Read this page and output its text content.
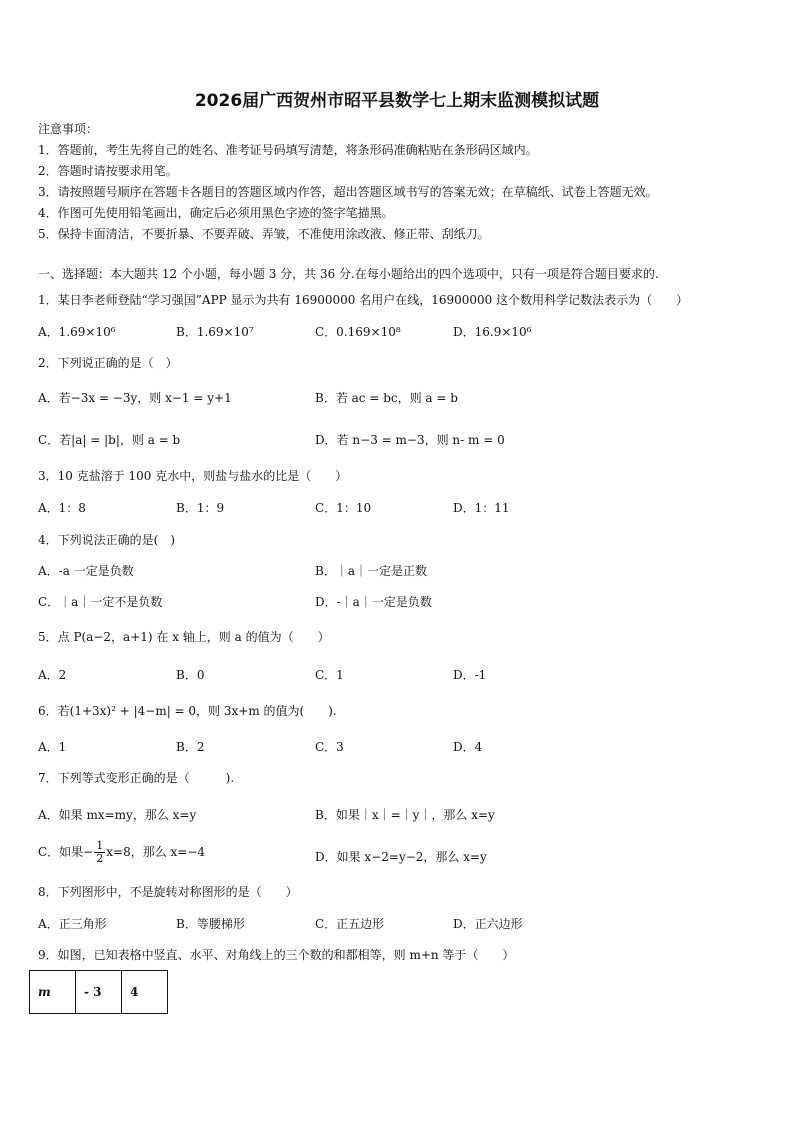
2026届广西贺州市昭平县数学七上期末监测模拟试题
注意事项：
1．答题前，考生先将自己的姓名、准考证号码填写清楚，将条形码准确粘贴在条形码区域内。
2．答题时请按要求用笔。
3．请按照题号顺序在答题卡各题目的答题区域内作答，超出答题区域书写的答案无效；在草稿纸、试卷上答题无效。
4．作图可先使用铅笔画出，确定后必须用黑色字迹的签字笔描黑。
5．保持卡面清洁，不要折暴、不要弄破、弄皱，不准使用涂改液、修正带、刮纸刀。
一、选择题：本大题共 12 个小题，每小题 3 分，共 36 分.在每小题给出的四个选项中，只有一项是符合题目要求的.
1．某日李老师登陆“学习强国”APP 显示为共有 16900000 名用户在线，16900000 这个数用科学记数法表示为（　　）
A．1.69×10⁶	B．1.69×10⁷	C．0.169×10⁸	D．16.9×10⁶
2．下列说正确的是（　）
A．若−3x = −3y，则 x−1 = y+1	B．若 ac = bc，则 a = b
C．若|a| = |b|，则 a = b	D．若 n−3 = m−3，则 n- m = 0
3．10 克盐溶于 100 克水中，则盐与盐水的比是（　　）
A．1：8	B．1：9	C．1：10	D．1：11
4．下列说法正确的是(　)
A．-a 一定是负数	B．｜a｜一定是正数
C．｜a｜一定不是负数	D．-｜a｜一定是负数
5．点 P(a−2，a+1) 在 x 轴上，则 a 的值为（　　）
A．2	B．0	C．1	D．-1
6．若(1+3x)² + |4−m| = 0，则 3x+m 的值为(　　).
A．1	B．2	C．3	D．4
7．下列等式变形正确的是（　　　).
A．如果 mx=my，那么 x=y	B．如果｜x｜=｜y｜，那么 x=y
C．如果− $\frac{1}{2} x=8$，那么 x=−4	D．如果 x−2=y−2，那么 x=y
8．下列图形中，不是旋转对称图形的是（　　）
A．正三角形	B．等腰梯形	C．正五边形	D．正六边形
9．如图，已知表格中竖直、水平、对角线上的三个数的和都相等，则 m+n 等于（　　）
m	- 3	4
